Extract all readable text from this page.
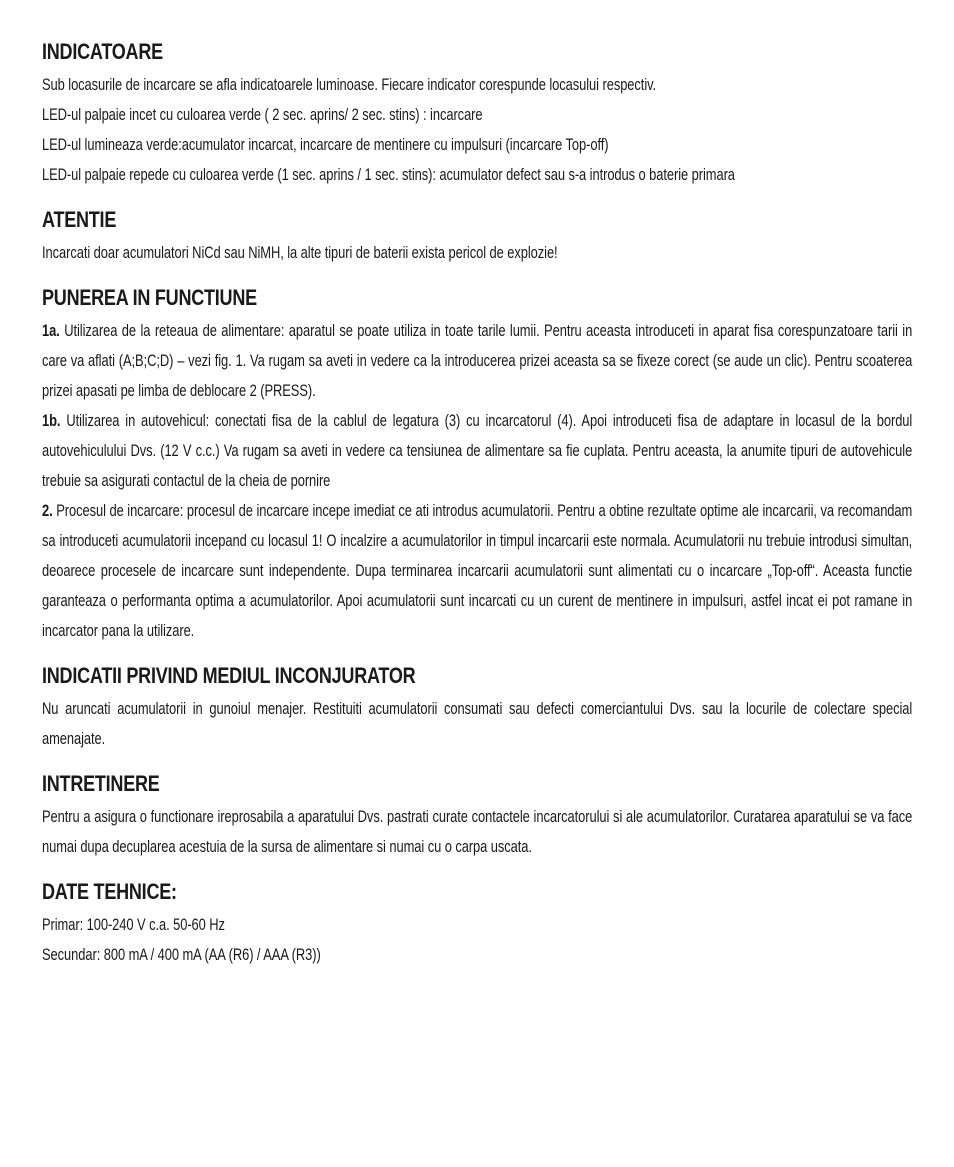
INDICATOARE
Sub locasurile de incarcare se afla indicatoarele luminoase. Fiecare indicator corespunde locasului respectiv.
LED-ul palpaie incet cu culoarea verde ( 2 sec. aprins/ 2 sec. stins) : incarcare
LED-ul lumineaza verde:acumulator incarcat, incarcare de mentinere cu impulsuri (incarcare Top-off)
LED-ul palpaie repede cu culoarea verde (1 sec. aprins / 1 sec. stins): acumulator defect sau s-a introdus o baterie primara
ATENTIE
Incarcati doar acumulatori NiCd sau NiMH, la alte tipuri de baterii exista pericol de explozie!
PUNEREA IN FUNCTIUNE
1a. Utilizarea de la reteaua de alimentare: aparatul se poate utiliza in toate tarile lumii. Pentru aceasta introduceti in aparat fisa corespunzatoare tarii in care va aflati (A;B;C;D) – vezi fig. 1. Va rugam sa aveti in vedere ca la introducerea prizei aceasta sa se fixeze corect (se aude un clic). Pentru scoaterea prizei apasati pe limba de deblocare 2 (PRESS).
1b. Utilizarea in autovehicul: conectati fisa de la cablul de legatura (3) cu incarcatorul (4). Apoi introduceti fisa de adaptare in locasul de la bordul autovehiculului Dvs. (12 V c.c.) Va rugam sa aveti in vedere ca tensiunea de alimentare sa fie cuplata. Pentru aceasta, la anumite tipuri de autovehicule trebuie sa asigurati contactul de la cheia de pornire
2. Procesul de incarcare: procesul de incarcare incepe imediat ce ati introdus acumulatorii. Pentru a obtine rezultate optime ale incarcarii, va recomandam sa introduceti acumulatorii incepand cu locasul 1! O incalzire a acumulatorilor in timpul incarcarii este normala. Acumulatorii nu trebuie introdusi simultan, deoarece procesele de incarcare sunt independente. Dupa terminarea incarcarii acumulatorii sunt alimentati cu o incarcare „Top-off“. Aceasta functie garanteaza o performanta optima a acumulatorilor. Apoi acumulatorii sunt incarcati cu un curent de mentinere in impulsuri, astfel incat ei pot ramane in incarcator pana la utilizare.
INDICATII PRIVIND MEDIUL INCONJURATOR
Nu aruncati acumulatorii in gunoiul menajer. Restituiti acumulatorii consumati sau defecti comerciantului Dvs. sau la locurile de colectare special amenajate.
INTRETINERE
Pentru a asigura o functionare ireprosabila a aparatului Dvs. pastrati curate contactele incarcatorului si ale acumulatorilor. Curatarea aparatului se va face numai dupa decuplarea acestuia de la sursa de alimentare si numai cu o carpa uscata.
DATE TEHNICE:
Primar: 100-240 V c.a. 50-60 Hz
Secundar: 800 mA / 400 mA (AA (R6) / AAA (R3))
